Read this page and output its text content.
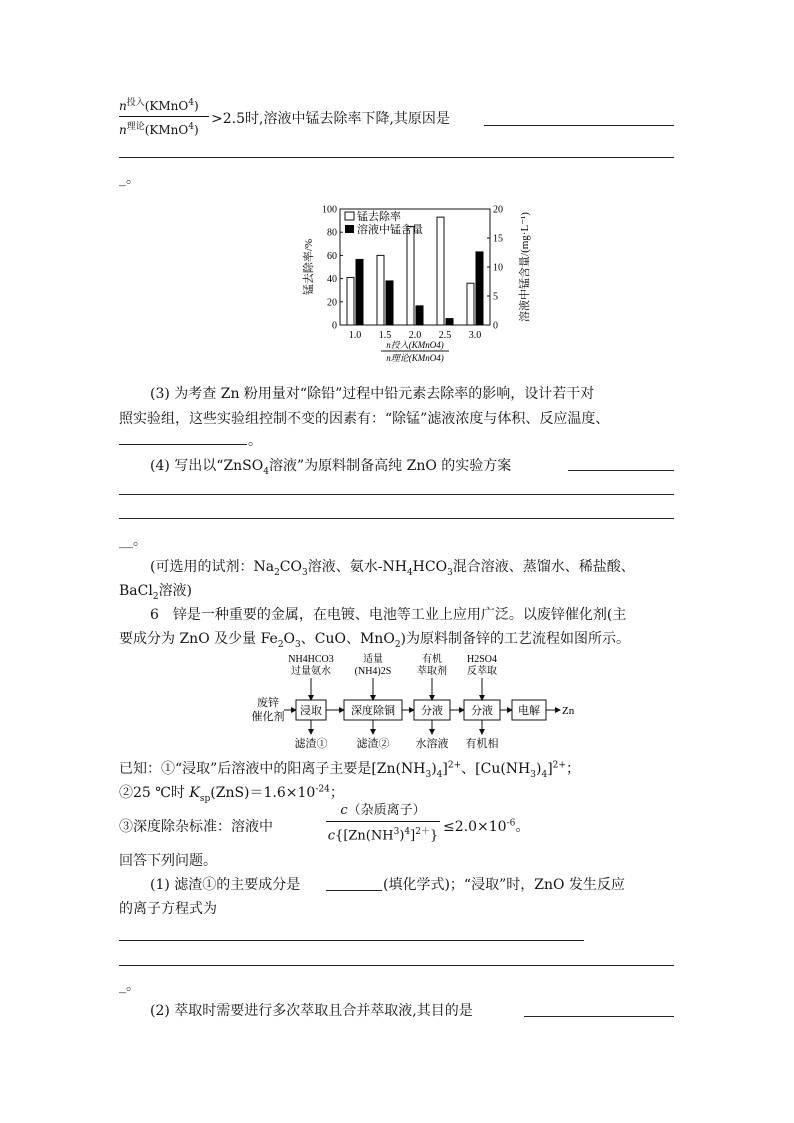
$n^{投入}(KMnO^4)$
$n^{理论}(KMnO^4)$
>2.5时,溶液中锰去除率下降,其原因是
_。
0
20
40
60
80
100
0
5
10
15
20
1.0 1.5 2.0 2.5 3.0
锰去除率
溶液中锰含量
锰去除率/%	溶液中锰含量/(mg·L⁻¹)
n投入(KMnO4)
n理论(KMnO4)
(3) 为考查 Zn 粉用量对“除铅”过程中铅元素去除率的影响，设计若干对
照实验组，这些实验组控制不变的因素有：“除锰”滤液浓度与体积、反应温度、
。
(4) 写出以“ZnSO$_4$溶液”为原料制备高纯 ZnO 的实验方案
__。
(可选用的试剂：$Na_2CO_3$溶液、氨水$-NH_4HCO_3$混合溶液、蒸馏水、稀盐酸、
BaCl$_2$溶液)
6　锌是一种重要的金属，在电镀、电池等工业上应用广泛。以废锌催化剂(主
要成分为 ZnO 及少量 $Fe_2O_3$、CuO、MnO$_2$)为原料制备锌的工艺流程如图所示。
废锌
催化剂 浸取
NH4HCO3
过量氨水
滤渣①
深度除铜
适量
(NH4)2S
滤渣②
分液
有机
萃取剂
水溶液
分液
H2SO4
反萃取
有机相
电解 Zn
已知：①“浸取”后溶液中的阳离子主要是$[Zn(NH_3)_4]^{2+}$、$[Cu(NH_3)_4]^{2+}$；
②25 ℃时 $K_{sp}(ZnS)=1.6\times 10^{-24}$；
③深度除杂标准：溶液中
c（杂质离子）
$c\{[Zn(NH^3)^4]^{2+}\}$
$\le 2.0\times 10^{-6}$。
回答下列问题。
(1) 滤渣①的主要成分是	(填化学式)；“浸取”时，ZnO 发生反应
的离子方程式为
_。
(2) 萃取时需要进行多次萃取且合并萃取液,其目的是
